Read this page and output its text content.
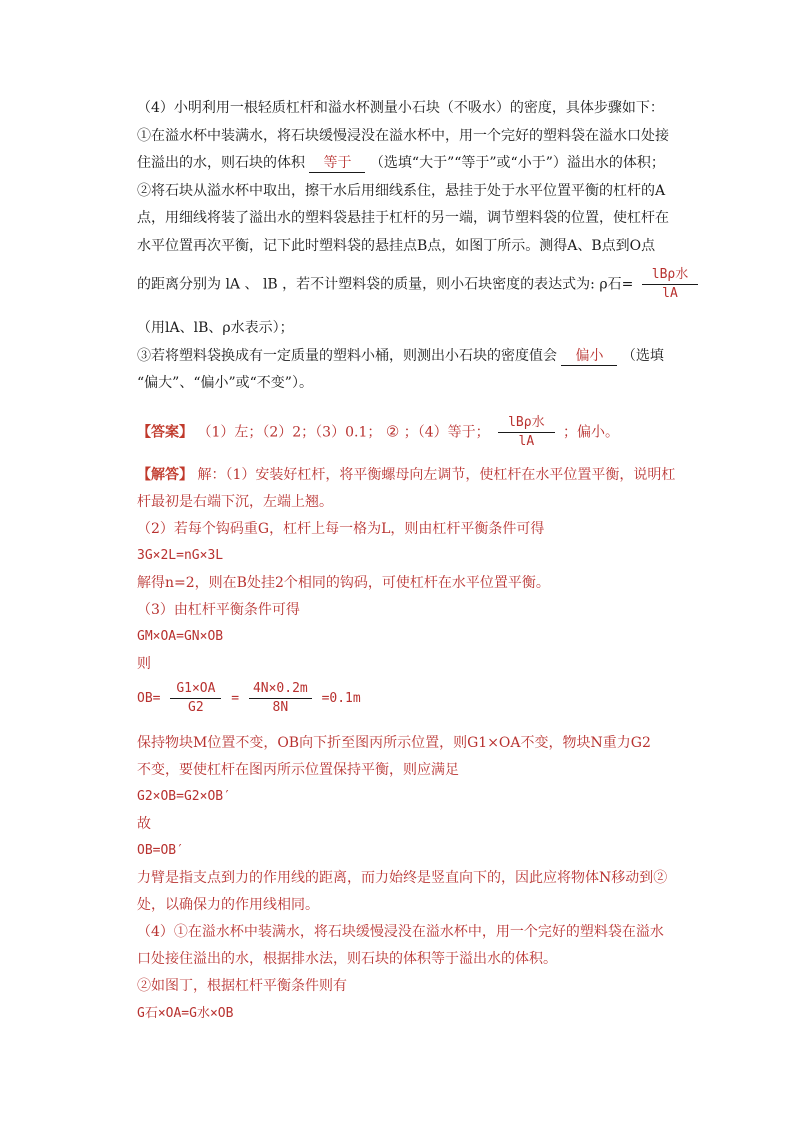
（4）小明利用一根轻质杠杆和溢水杯测量小石块（不吸水）的密度，具体步骤如下：
①在溢水杯中装满水，将石块缓慢浸没在溢水杯中，用一个完好的塑料袋在溢水口处接
住溢出的水，则石块的体积 等于 （选填“大于”“等于”或“小于”）溢出水的体积；
②将石块从溢水杯中取出，擦干水后用细线系住，悬挂于处于水平位置平衡的杠杆的A
点，用细线将装了溢出水的塑料袋悬挂于杠杆的另一端，调节塑料袋的位置，使杠杆在
水平位置再次平衡，记下此时塑料袋的悬挂点B点，如图丁所示。测得A、B点到O点
的距离分别为 lA 、 lB ，若不计塑料袋的质量，则小石块密度的表达式为: ρ石= $\frac{\text{lBρ水}}{lA}$
（用lA、lB、ρ水表示）；
③若将塑料袋换成有一定质量的塑料小桶，则测出小石块的密度值会 偏小 （选填
“偏大”、“偏小”或“不变”）。
【答案】 （1）左；（2）2；（3）0.1； ② ；（4）等于； $\frac{\text{lBρ水}}{lA}$ ；偏小。
【解答】 解：（1）安装好杠杆，将平衡螺母向左调节，使杠杆在水平位置平衡，说明杠
杆最初是右端下沉，左端上翘。
（2）若每个钩码重G，杠杆上每一格为L，则由杠杆平衡条件可得
3G×2L=nG×3L
解得n=2，则在B处挂2个相同的钩码，可使杠杆在水平位置平衡。
（3）由杠杆平衡条件可得
GM×OA=GN×OB
则
$OB= \frac{G1\times OA}{G2} = \frac{4N\times 0.2m}{8N} =0.1m$
保持物块M位置不变，OB向下折至图丙所示位置，则G1×OA不变，物块N重力G2
不变，要使杠杆在图丙所示位置保持平衡，则应满足
G2×OB=G2×OB′
故
OB=OB′
力臂是指支点到力的作用线的距离，而力始终是竖直向下的，因此应将物体N移动到②
处，以确保力的作用线相同。
（4）①在溢水杯中装满水，将石块缓慢浸没在溢水杯中，用一个完好的塑料袋在溢水
口处接住溢出的水，根据排水法，则石块的体积等于溢出水的体积。
②如图丁，根据杠杆平衡条件则有
G石×OA=G水×OB
